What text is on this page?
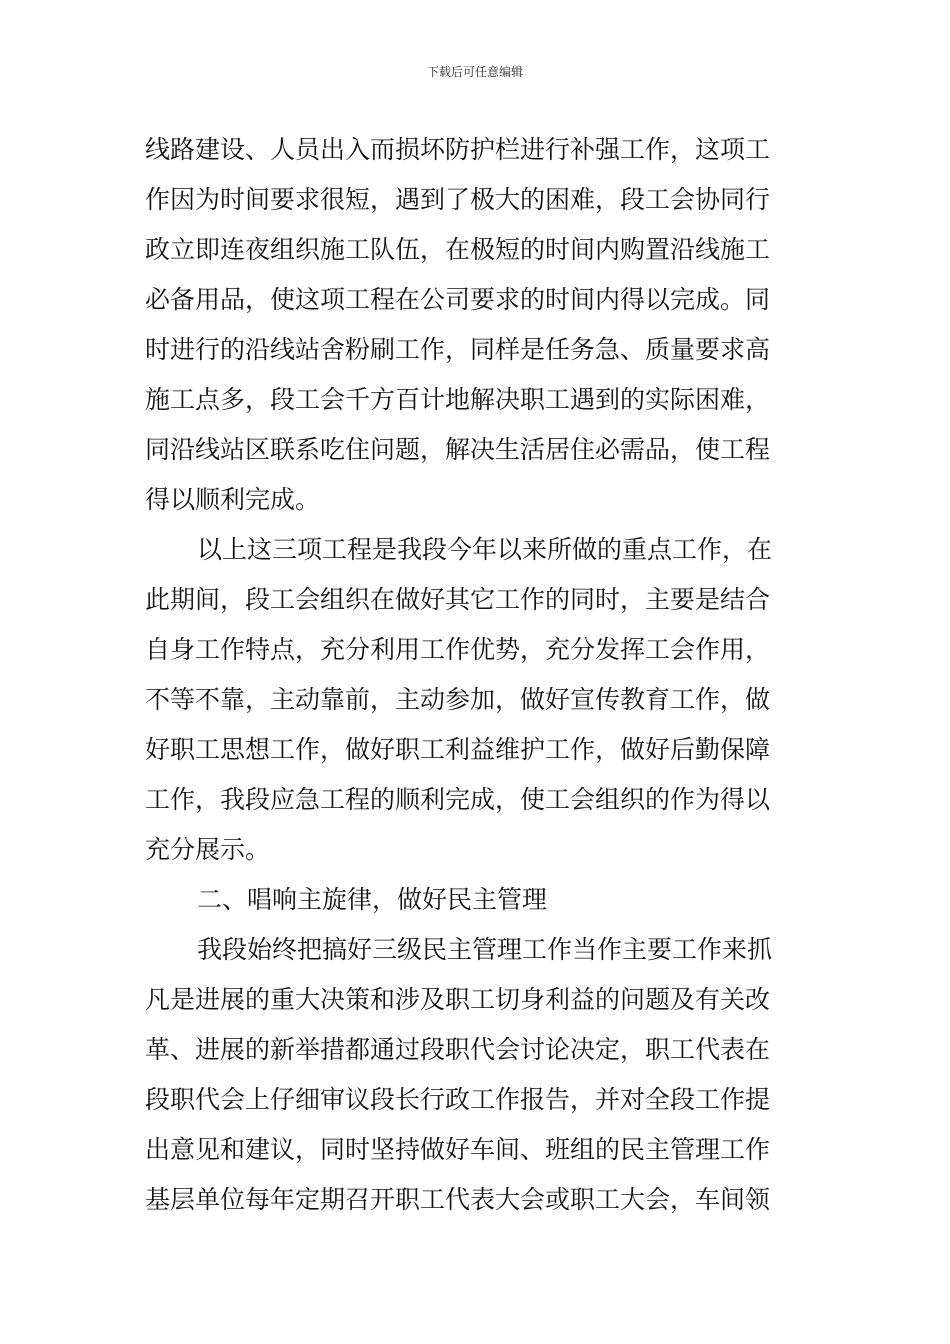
下载后可任意编辑
线路建设、人员出入而损坏防护栏进行补强工作，这项工
作因为时间要求很短，遇到了极大的困难，段工会协同行
政立即连夜组织施工队伍，在极短的时间内购置沿线施工
必备用品，使这项工程在公司要求的时间内得以完成。同
时进行的沿线站舍粉刷工作，同样是任务急、质量要求高
施工点多，段工会千方百计地解决职工遇到的实际困难，
同沿线站区联系吃住问题，解决生活居住必需品，使工程
得以顺利完成。
以上这三项工程是我段今年以来所做的重点工作，在
此期间，段工会组织在做好其它工作的同时，主要是结合
自身工作特点，充分利用工作优势，充分发挥工会作用，
不等不靠，主动靠前，主动参加，做好宣传教育工作，做
好职工思想工作，做好职工利益维护工作，做好后勤保障
工作，我段应急工程的顺利完成，使工会组织的作为得以
充分展示。
二、唱响主旋律，做好民主管理
我段始终把搞好三级民主管理工作当作主要工作来抓
凡是进展的重大决策和涉及职工切身利益的问题及有关改
革、进展的新举措都通过段职代会讨论决定，职工代表在
段职代会上仔细审议段长行政工作报告，并对全段工作提
出意见和建议，同时坚持做好车间、班组的民主管理工作
基层单位每年定期召开职工代表大会或职工大会，车间领
